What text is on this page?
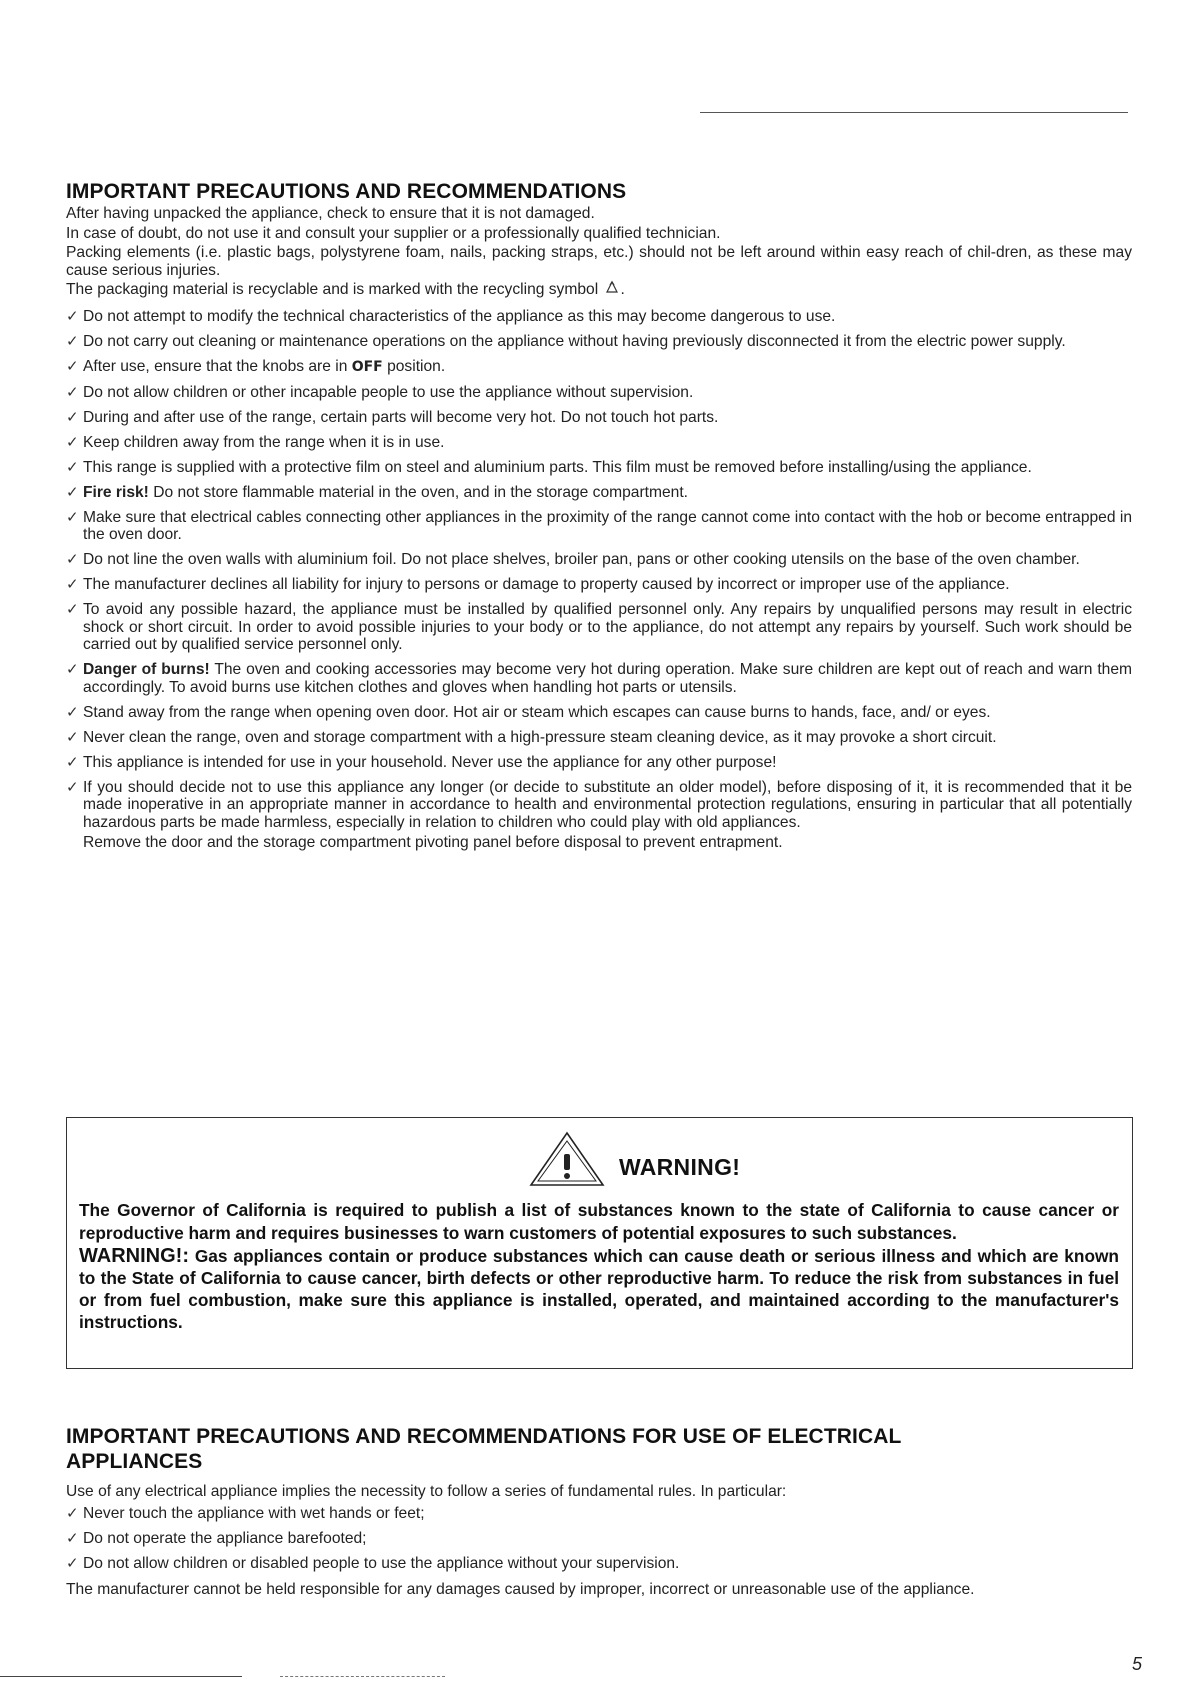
IMPORTANT PRECAUTIONS AND RECOMMENDATIONS

After having unpacked the appliance, check to ensure that it is not damaged.

In case of doubt, do not use it and consult your supplier or a professionally qualified technician.

Packing elements (i.e. plastic bags, polystyrene foam, nails, packing straps, etc.) should not be left around within easy reach of chil-dren, as these may cause serious injuries.

The packaging material is recyclable and is marked with the recycling symbol .

✓ Do not attempt to modify the technical characteristics of the appliance as this may become dangerous to use.
✓ Do not carry out cleaning or maintenance operations on the appliance without having previously disconnected it from the electric power supply.
✓ After use, ensure that the knobs are in OFF position.
✓ Do not allow children or other incapable people to use the appliance without supervision.
✓ During and after use of the range, certain parts will become very hot. Do not touch hot parts.
✓ Keep children away from the range when it is in use.
✓ This range is supplied with a protective film on steel and aluminium parts. This film must be removed before installing/using the appliance.
✓ Fire risk! Do not store flammable material in the oven, and in the storage compartment.
✓ Make sure that electrical cables connecting other appliances in the proximity of the range cannot come into contact with the hob or become entrapped in the oven door.
✓ Do not line the oven walls with aluminium foil. Do not place shelves, broiler pan, pans or other cooking utensils on the base of the oven chamber.
✓ The manufacturer declines all liability for injury to persons or damage to property caused by incorrect or improper use of the appliance.
✓ To avoid any possible hazard, the appliance must be installed by qualified personnel only. Any repairs by unqualified persons may result in electric shock or short circuit. In order to avoid possible injuries to your body or to the appliance, do not attempt any repairs by yourself. Such work should be carried out by qualified service personnel only.
✓ Danger of burns! The oven and cooking accessories may become very hot during operation. Make sure children are kept out of reach and warn them accordingly. To avoid burns use kitchen clothes and gloves when handling hot parts or utensils.
✓ Stand away from the range when opening oven door. Hot air or steam which escapes can cause burns to hands, face, and/ or eyes.
✓ Never clean the range, oven and storage compartment with a high-pressure steam cleaning device, as it may provoke a short circuit.
✓ This appliance is intended for use in your household. Never use the appliance for any other purpose!
✓ If you should decide not to use this appliance any longer (or decide to substitute an older model), before disposing of it, it is recommended that it be made inoperative in an appropriate manner in accordance to health and environmental protection regulations, ensuring in particular that all potentially hazardous parts be made harmless, especially in relation to children who could play with old appliances.
Remove the door and the storage compartment pivoting panel before disposal to prevent entrapment.
WARNING!
The Governor of California is required to publish a list of substances known to the state of California to cause cancer or reproductive harm and requires businesses to warn customers of potential exposures to such substances.
WARNING!: Gas appliances contain or produce substances which can cause death or serious illness and which are known to the State of California to cause cancer, birth defects or other reproductive harm. To reduce the risk from substances in fuel or from fuel combustion, make sure this appliance is installed, operated, and maintained according to the manufacturer's instructions.
IMPORTANT PRECAUTIONS AND RECOMMENDATIONS FOR USE OF ELECTRICAL APPLIANCES

Use of any electrical appliance implies the necessity to follow a series of fundamental rules. In particular:

✓ Never touch the appliance with wet hands or feet;
✓ Do not operate the appliance barefooted;
✓ Do not allow children or disabled people to use the appliance without your supervision.

The manufacturer cannot be held responsible for any damages caused by improper, incorrect or unreasonable use of the appliance.

5
